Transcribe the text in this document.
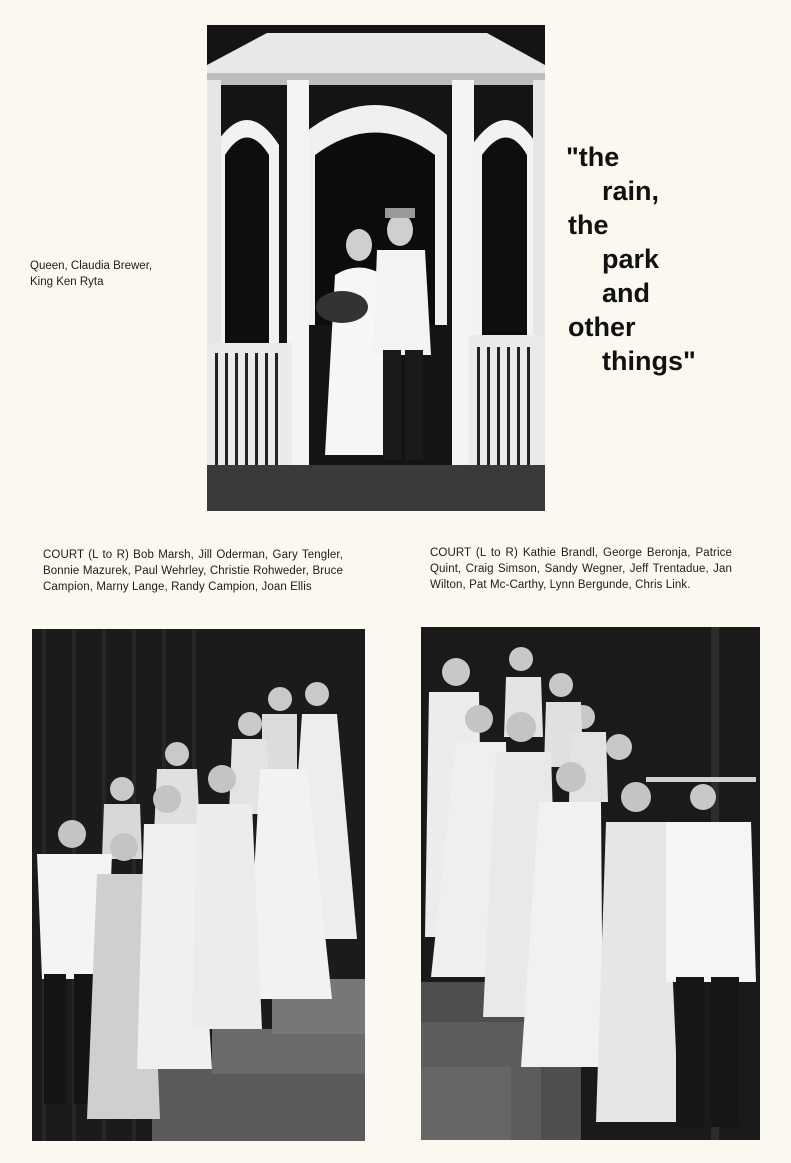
Queen, Claudia Brewer,
King Ken Ryta
"the
rain,
the
park
and
other
things"
COURT (L to R) Bob Marsh, Jill Oderman, Gary Tengler, Bonnie Mazurek, Paul Wehrley, Christie Rohweder, Bruce Campion, Marny Lange, Randy Campion, Joan Ellis
COURT (L to R) Kathie Brandl, George Beronja, Patrice Quint, Craig Simson, Sandy Wegner, Jeff Trentadue, Jan Wilton, Pat Mc-Carthy, Lynn Bergunde, Chris Link.
